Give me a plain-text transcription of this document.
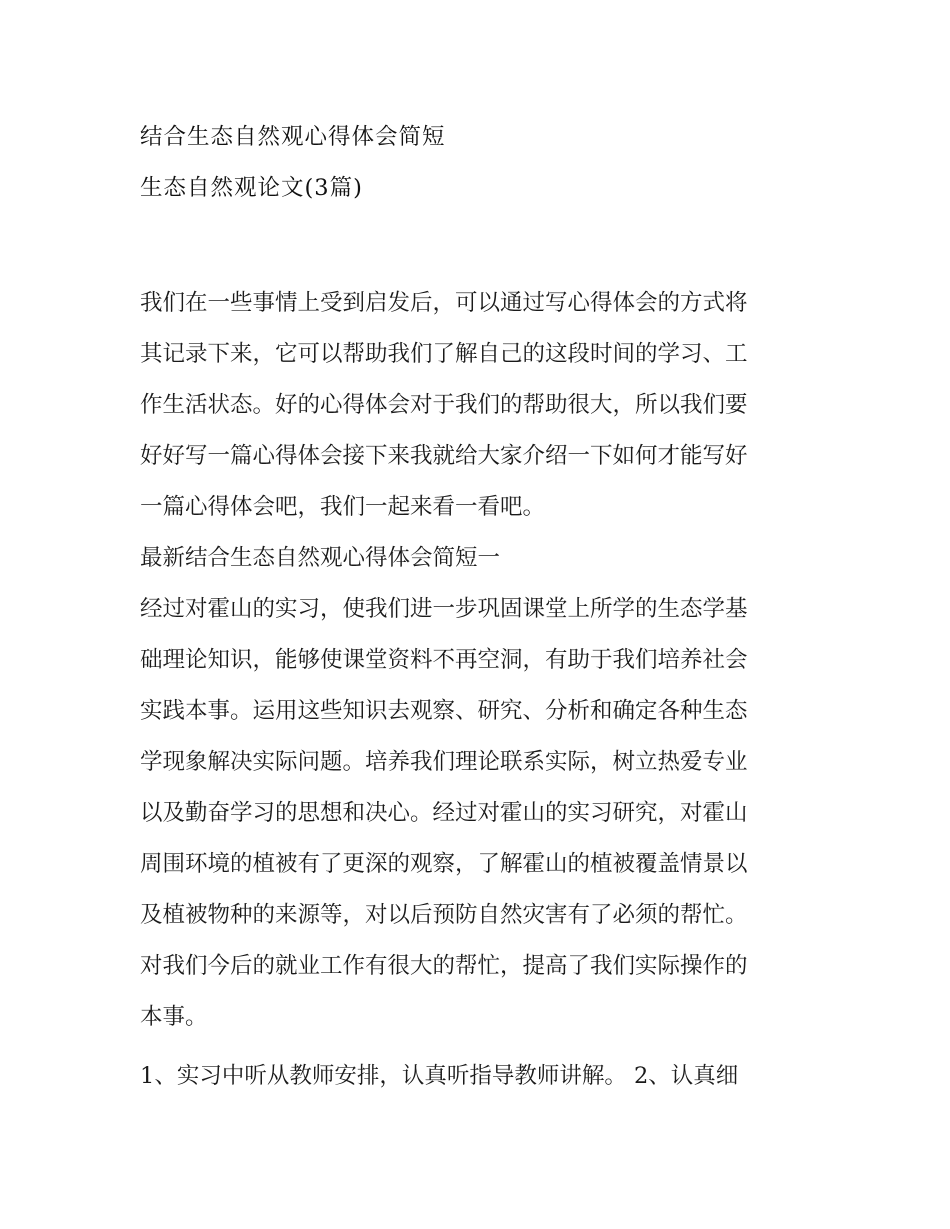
结合生态自然观心得体会简短
生态自然观论文(3篇)
我们在一些事情上受到启发后，可以通过写心得体会的方式将
其记录下来，它可以帮助我们了解自己的这段时间的学习、工
作生活状态。好的心得体会对于我们的帮助很大，所以我们要
好好写一篇心得体会接下来我就给大家介绍一下如何才能写好
一篇心得体会吧，我们一起来看一看吧。
最新结合生态自然观心得体会简短一
经过对霍山的实习，使我们进一步巩固课堂上所学的生态学基
础理论知识，能够使课堂资料不再空洞，有助于我们培养社会
实践本事。运用这些知识去观察、研究、分析和确定各种生态
学现象解决实际问题。培养我们理论联系实际，树立热爱专业
以及勤奋学习的思想和决心。经过对霍山的实习研究，对霍山
周围环境的植被有了更深的观察，了解霍山的植被覆盖情景以
及植被物种的来源等，对以后预防自然灾害有了必须的帮忙。
对我们今后的就业工作有很大的帮忙，提高了我们实际操作的
本事。
1、实习中听从教师安排，认真听指导教师讲解。 2、认真细
